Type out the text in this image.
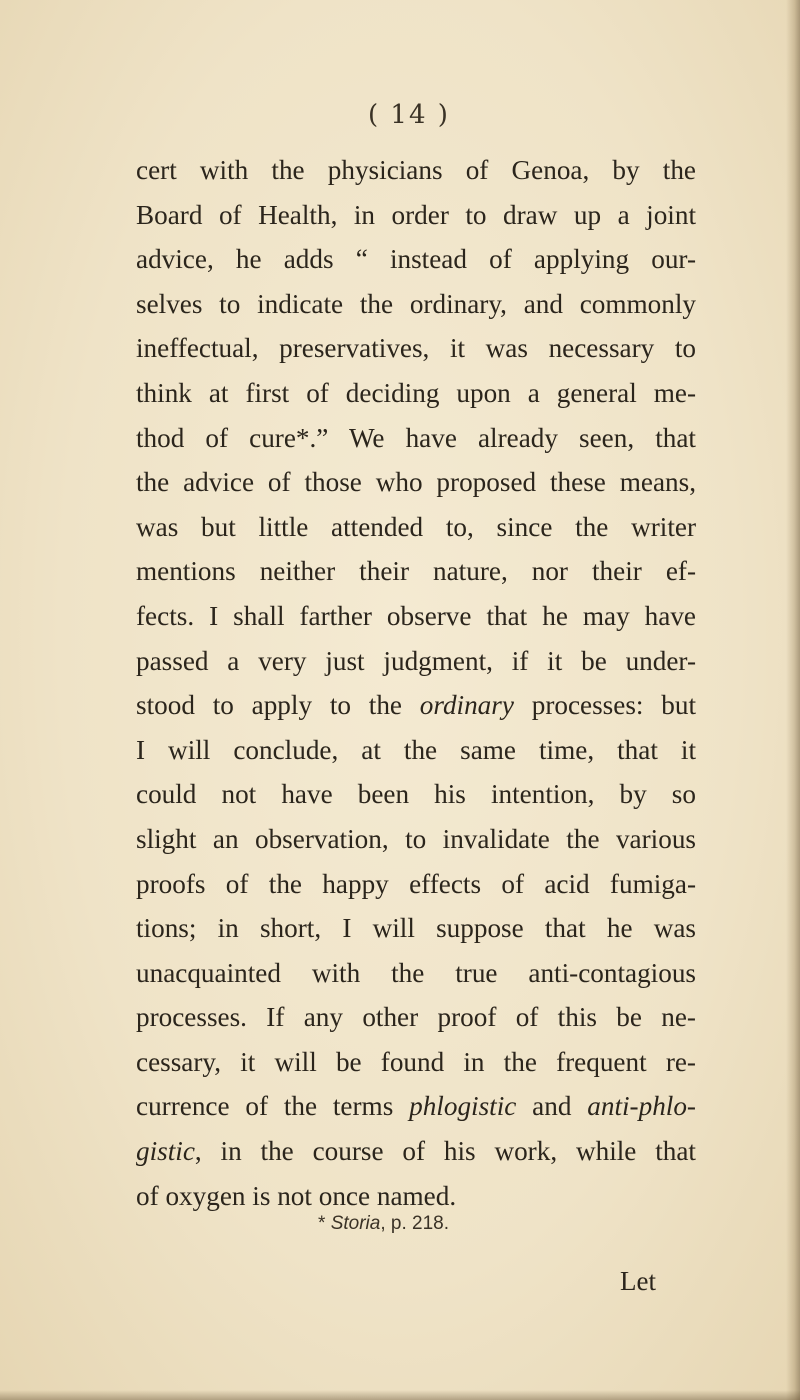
( 14 )
cert with the physicians of Genoa, by the
Board of Health, in order to draw up a joint
advice, he adds “ instead of applying our-
selves to indicate the ordinary, and commonly
ineffectual, preservatives, it was necessary to
think at first of deciding upon a general me-
thod of cure*.” We have already seen, that
the advice of those who proposed these means,
was but little attended to, since the writer
mentions neither their nature, nor their ef-
fects. I shall farther observe that he may have
passed a very just judgment, if it be under-
stood to apply to the ordinary processes: but
I will conclude, at the same time, that it
could not have been his intention, by so
slight an observation, to invalidate the various
proofs of the happy effects of acid fumiga-
tions; in short, I will suppose that he was
unacquainted with the true anti-contagious
processes. If any other proof of this be ne-
cessary, it will be found in the frequent re-
currence of the terms phlogistic and anti-phlo-
gistic, in the course of his work, while that
of oxygen is not once named.
* Storia, p. 218.
Let
